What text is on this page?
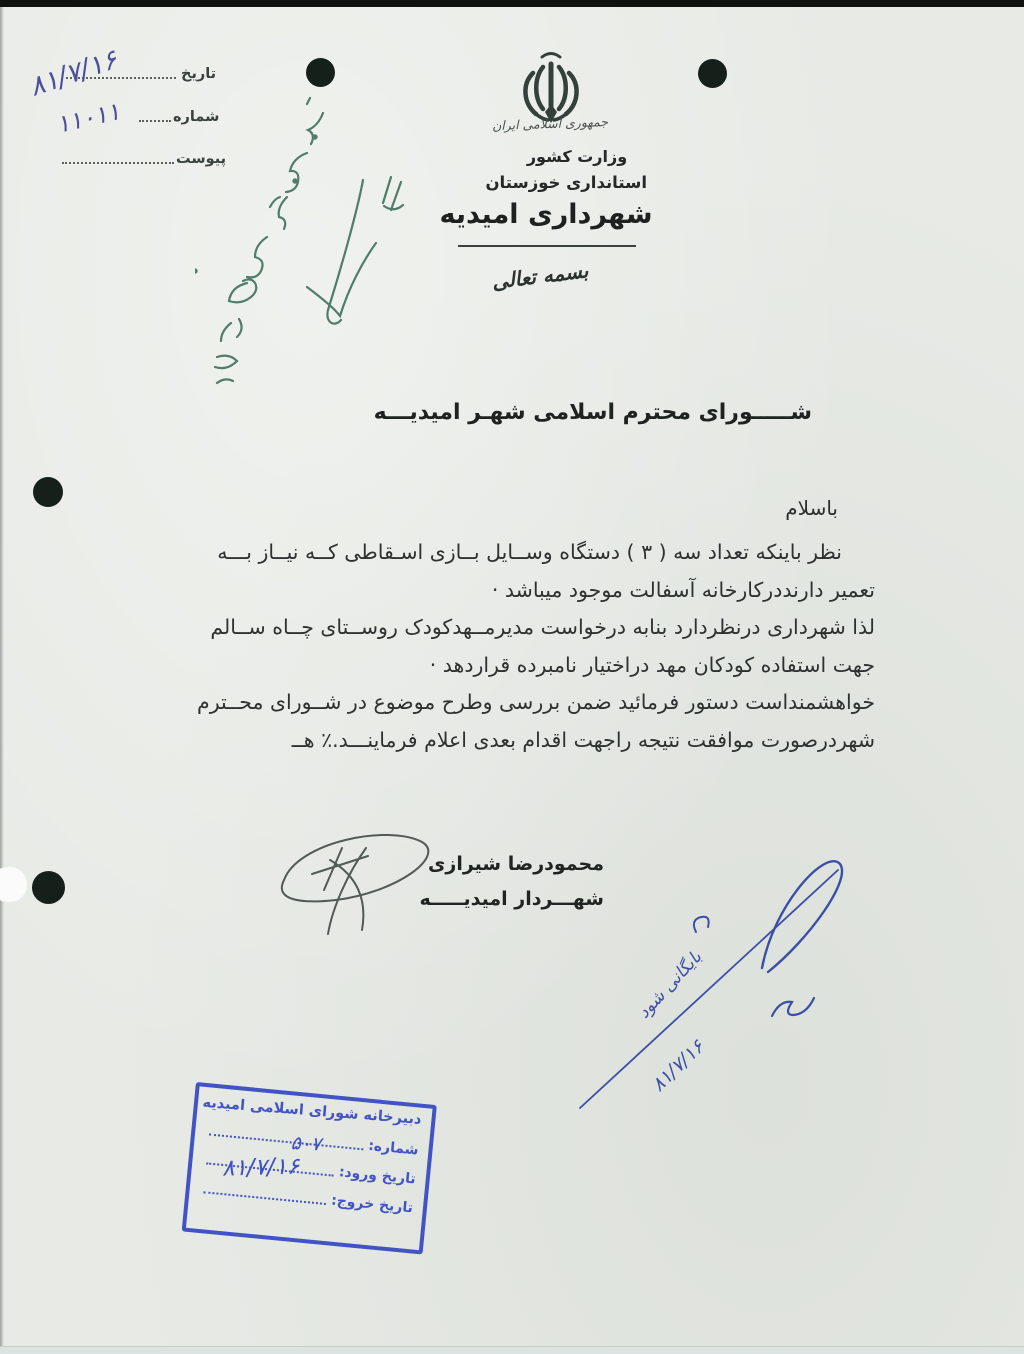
تاریخ
۸۱/۷/۱۶
شماره
۱۱۰۱۱
پیوست
جمهوری اسلامی ایران
وزارت کشور
استانداری خوزستان
شهرداری امیدیه
بسمه تعالی
شـــــورای محترم اسلامی شهـر امیدیـــه
باسلام
نظر باینکه تعداد سه ( ۳ ) دستگاه وســایل بــازی اسـقاطی کــه نیــاز بـــه
تعمیر دارنددرکارخانه آسفالت موجود میباشد ·
لذا شهرداری درنظردارد بنابه درخواست مدیرمــهدکودک روســتای چــاه ســالم
جهت استفاده کودکان مهد دراختیار نامبرده قراردهد ·
خواهشمنداست دستور فرمائید ضمن بررسی وطرح موضوع در شــورای محــترم
شهردرصورت موافقت نتیجه راجهت اقدام بعدی اعلام فرماینـــد.٪ هــ
محمودرضا شیرازی
شهـــردار امیدیـــــه
بایگانی شود
۸۱/۷/۱۶
دبیرخانه شورای اسلامی امیدیه
شماره:
تاریخ ورود:
تاریخ خروج:
۵۰۷
۸۱/۷/۱۶
